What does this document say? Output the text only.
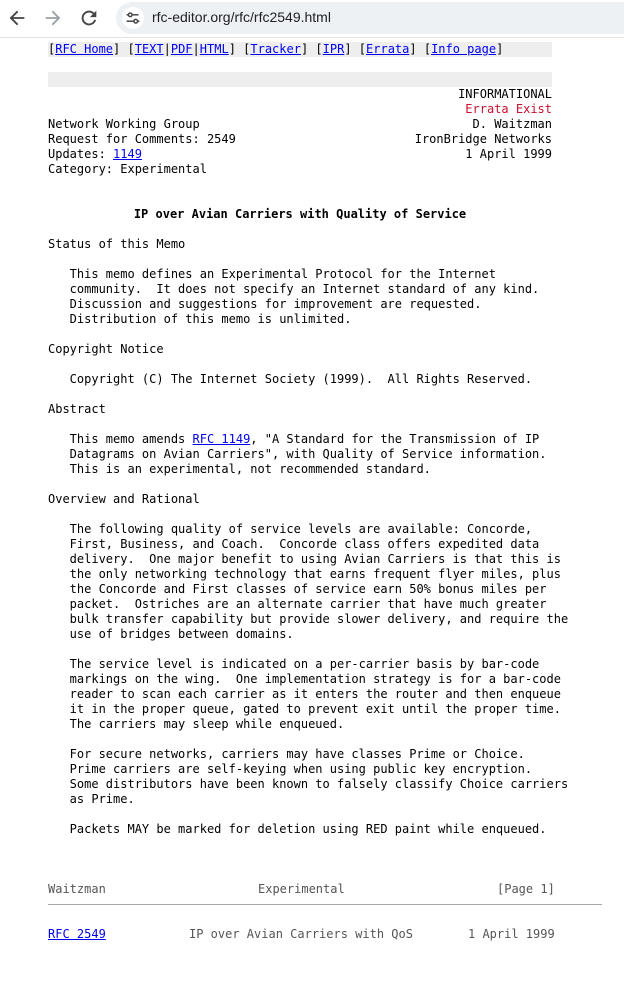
rfc-editor.org/rfc/rfc2549.html
[RFC Home] [TEXT|PDF|HTML] [Tracker] [IPR] [Errata] [Info page]
INFORMATIONAL
Errata Exist
Network Working Group	D. Waitzman
Request for Comments: 2549	IronBridge Networks
Updates: 1149	1 April 1999
Category: Experimental
IP over Avian Carriers with Quality of Service
Status of this Memo
This memo defines an Experimental Protocol for the Internet
community.  It does not specify an Internet standard of any kind.
Discussion and suggestions for improvement are requested.
Distribution of this memo is unlimited.
Copyright Notice
Copyright (C) The Internet Society (1999).  All Rights Reserved.
Abstract
This memo amends RFC 1149, "A Standard for the Transmission of IP
Datagrams on Avian Carriers", with Quality of Service information.
This is an experimental, not recommended standard.
Overview and Rational
The following quality of service levels are available: Concorde,
First, Business, and Coach.  Concorde class offers expedited data
delivery.  One major benefit to using Avian Carriers is that this is
the only networking technology that earns frequent flyer miles, plus
the Concorde and First classes of service earn 50% bonus miles per
packet.  Ostriches are an alternate carrier that have much greater
bulk transfer capability but provide slower delivery, and require the
use of bridges between domains.
The service level is indicated on a per-carrier basis by bar-code
markings on the wing.  One implementation strategy is for a bar-code
reader to scan each carrier as it enters the router and then enqueue
it in the proper queue, gated to prevent exit until the proper time.
The carriers may sleep while enqueued.
For secure networks, carriers may have classes Prime or Choice.
Prime carriers are self-keying when using public key encryption.
Some distributors have been known to falsely classify Choice carriers
as Prime.
Packets MAY be marked for deletion using RED paint while enqueued.

Waitzman

	Experimental

	[Page 1]

RFC 2549

	IP over Avian Carriers with QoS

	1 April 1999
